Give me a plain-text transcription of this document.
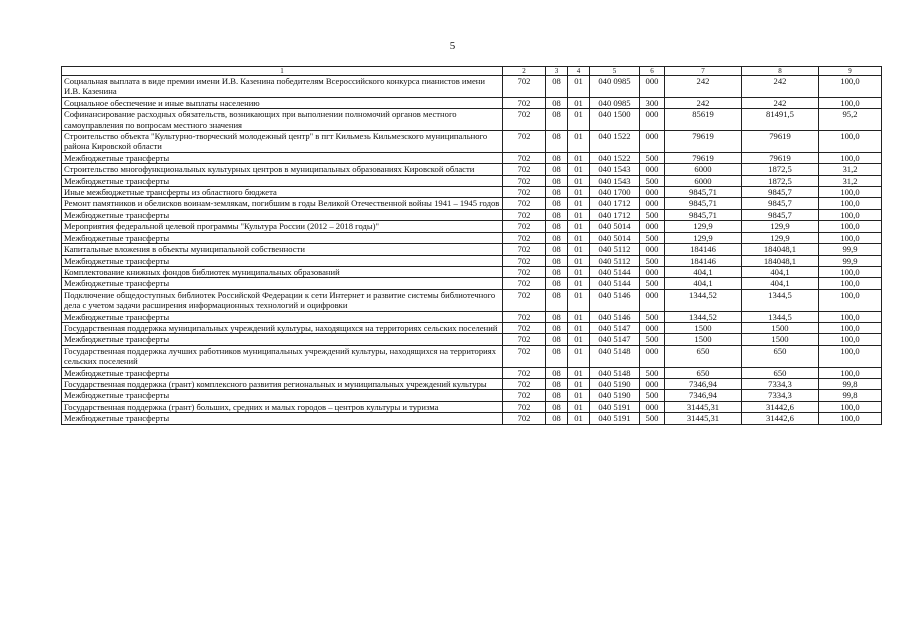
5
1	2	3	4	5	6	7	8	9
Социальная выплата в виде премии имени И.В. Казенина победителям Всероссийского конкурса пианистов имени И.В. Казенина	702	08	01	040 0985	000	242	242	100,0
Социальное обеспечение и иные выплаты населению	702	08	01	040 0985	300	242	242	100,0
Софинансирование расходных обязательств, возникающих при выполнении полномочий органов местного самоуправления по вопросам местного значения	702	08	01	040 1500	000	85619	81491,5	95,2
Строительство объекта "Культурно-творческий молодежный центр" в пгт Кильмезь Кильмезского муниципального района Кировской области	702	08	01	040 1522	000	79619	79619	100,0
Межбюджетные трансферты	702	08	01	040 1522	500	79619	79619	100,0
Строительство многофункциональных культурных центров в муниципальных образованиях Кировской области	702	08	01	040 1543	000	6000	1872,5	31,2
Межбюджетные трансферты	702	08	01	040 1543	500	6000	1872,5	31,2
Иные межбюджетные трансферты из областного бюджета	702	08	01	040 1700	000	9845,71	9845,7	100,0
Ремонт памятников и обелисков воинам-землякам, погибшим в годы Великой Отечественной войны 1941 – 1945 годов	702	08	01	040 1712	000	9845,71	9845,7	100,0
Межбюджетные трансферты	702	08	01	040 1712	500	9845,71	9845,7	100,0
Мероприятия федеральной целевой программы "Культура России (2012 – 2018 годы)"	702	08	01	040 5014	000	129,9	129,9	100,0
Межбюджетные трансферты	702	08	01	040 5014	500	129,9	129,9	100,0
Капитальные вложения в объекты муниципальной собственности	702	08	01	040 5112	000	184146	184048,1	99,9
Межбюджетные трансферты	702	08	01	040 5112	500	184146	184048,1	99,9
Комплектование книжных фондов библиотек муниципальных образований	702	08	01	040 5144	000	404,1	404,1	100,0
Межбюджетные трансферты	702	08	01	040 5144	500	404,1	404,1	100,0
Подключение общедоступных библиотек Российской Федерации к сети Интернет и развитие системы библиотечного дела с учетом задачи расширения информационных технологий и оцифровки	702	08	01	040 5146	000	1344,52	1344,5	100,0
Межбюджетные трансферты	702	08	01	040 5146	500	1344,52	1344,5	100,0
Государственная поддержка муниципальных учреждений культуры, находящихся на территориях сельских поселений	702	08	01	040 5147	000	1500	1500	100,0
Межбюджетные трансферты	702	08	01	040 5147	500	1500	1500	100,0
Государственная поддержка лучших работников муниципальных учреждений культуры, находящихся на территориях сельских поселений	702	08	01	040 5148	000	650	650	100,0
Межбюджетные трансферты	702	08	01	040 5148	500	650	650	100,0
Государственная поддержка (грант) комплексного развития региональных и муниципальных учреждений культуры	702	08	01	040 5190	000	7346,94	7334,3	99,8
Межбюджетные трансферты	702	08	01	040 5190	500	7346,94	7334,3	99,8
Государственная поддержка (грант) больших, средних и малых городов – центров культуры и туризма	702	08	01	040 5191	000	31445,31	31442,6	100,0
Межбюджетные трансферты	702	08	01	040 5191	500	31445,31	31442,6	100,0
